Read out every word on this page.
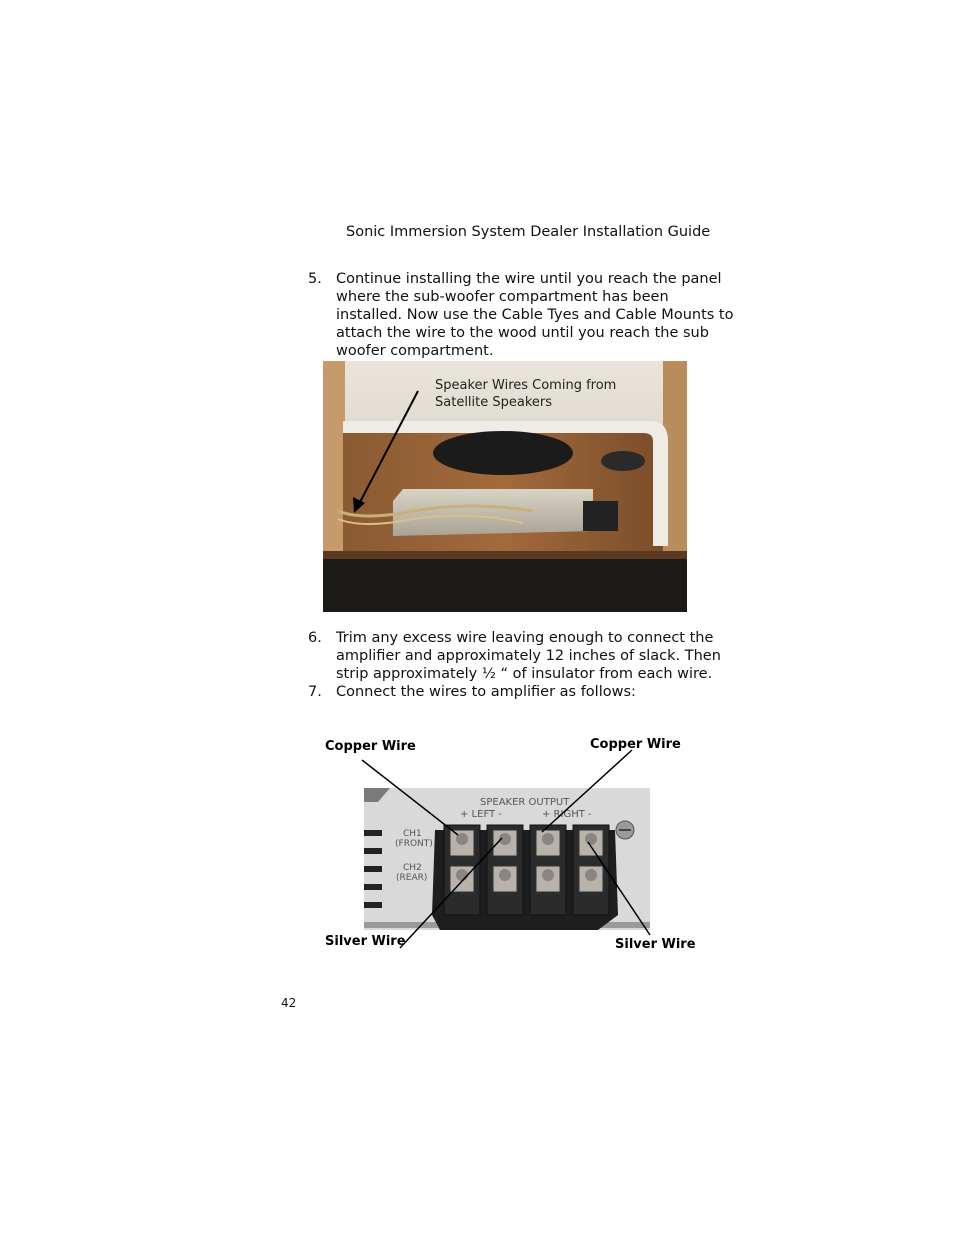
Sonic Immersion System Dealer Installation Guide
5. Continue installing the wire until you reach the panel where the sub-woofer compartment has been installed. Now use the Cable Tyes and Cable Mounts to attach the wire to the wood until you reach the sub woofer compartment.
Speaker Wires Coming from
Satellite Speakers
6. Trim any excess wire leaving enough to connect the amplifier and approximately 12 inches of slack. Then strip approximately ½ “ of insulator from each wire.
7. Connect the wires to amplifier as follows:
SPEAKER OUTPUT
+ LEFT -	+ RIGHT -
CH1
(FRONT)
CH2
(REAR)
Copper Wire	Copper Wire
Silver Wire	Silver Wire
42
